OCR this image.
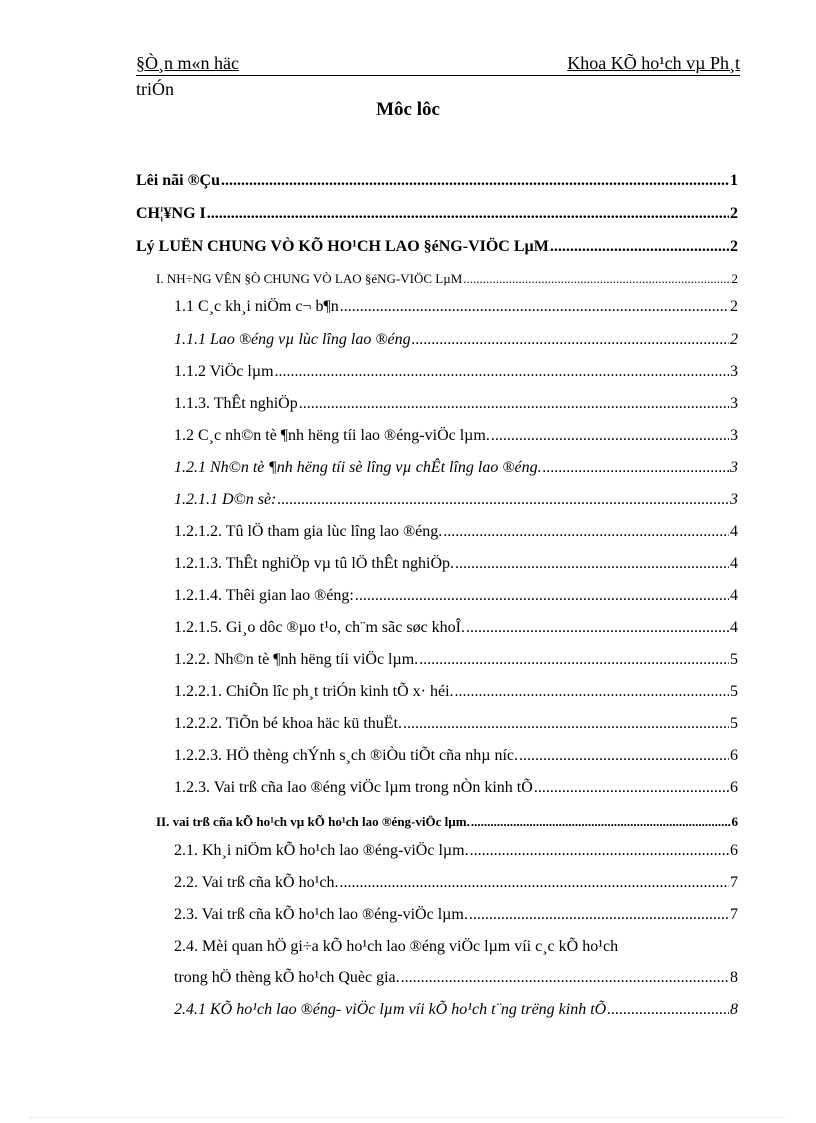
§Ò¸n m«n häc	Khoa KÕ ho¹ch vµ Ph¸t
triÓn
Môc lôc
Lêi nãi ®Çu .....	1
CH¦¥NG I .....	2
Lý LUËN CHUNG VÒ KÕ HO¹CH LAO §éNG-VIÖC LµM .....	2
I. NH÷NG VÊN §Ò CHUNG VÒ LAO §éNG-VIÖC LµM .....	2
1.1 C¸c kh¸i niÖm c¬ b¶n .....	2
1.1.1 Lao ®éng vµ lùc lîng lao ®éng .....	2
1.1.2 ViÖc lµm .....	3
1.1.3. ThÊt nghiÖp .....	3
1.2 C¸c nh©n tè ¶nh hëng tíi lao ®éng-viÖc lµm. .....	3
1.2.1 Nh©n tè ¶nh hëng tíi sè lîng vµ chÊt lîng lao ®éng. .....	3
1.2.1.1 D©n sè: .....	3
1.2.1.2. Tû lÖ tham gia lùc lîng lao ®éng. .....	4
1.2.1.3. ThÊt nghiÖp vµ tû lÖ thÊt nghiÖp. .....	4
1.2.1.4. Thêi gian lao ®éng: .....	4
1.2.1.5. Gi¸o dôc ®µo t¹o, ch¨m sãc søc khoÎ. .....	4
1.2.2. Nh©n tè ¶nh hëng tíi viÖc lµm. .....	5
1.2.2.1. ChiÕn lîc ph¸t triÓn kinh tÕ x· héi. .....	5
1.2.2.2. TiÕn bé khoa häc kü thuËt. .....	5
1.2.2.3. HÖ thèng chÝnh s¸ch ®iÒu tiÕt cña nhµ níc. .....	6
1.2.3. Vai trß cña lao ®éng viÖc lµm trong nÒn kinh tÕ .....	6
II. vai trß cña kÕ ho¹ch vµ kÕ ho¹ch lao ®éng-viÖc lµm. .....	6
2.1. Kh¸i niÖm kÕ ho¹ch lao ®éng-viÖc lµm. .....	6
2.2. Vai trß cña kÕ ho¹ch. .....	7
2.3. Vai trß cña kÕ ho¹ch lao ®éng-viÖc lµm. .....	7
2.4. Mèi quan hÖ gi÷a kÕ ho¹ch lao ®éng viÖc lµm víi c¸c kÕ ho¹ch
trong hÖ thèng kÕ ho¹ch Quèc gia. .....	8
2.4.1 KÕ ho¹ch lao ®éng- viÖc lµm víi kÕ ho¹ch t¨ng trëng kinh tÕ .....	8
